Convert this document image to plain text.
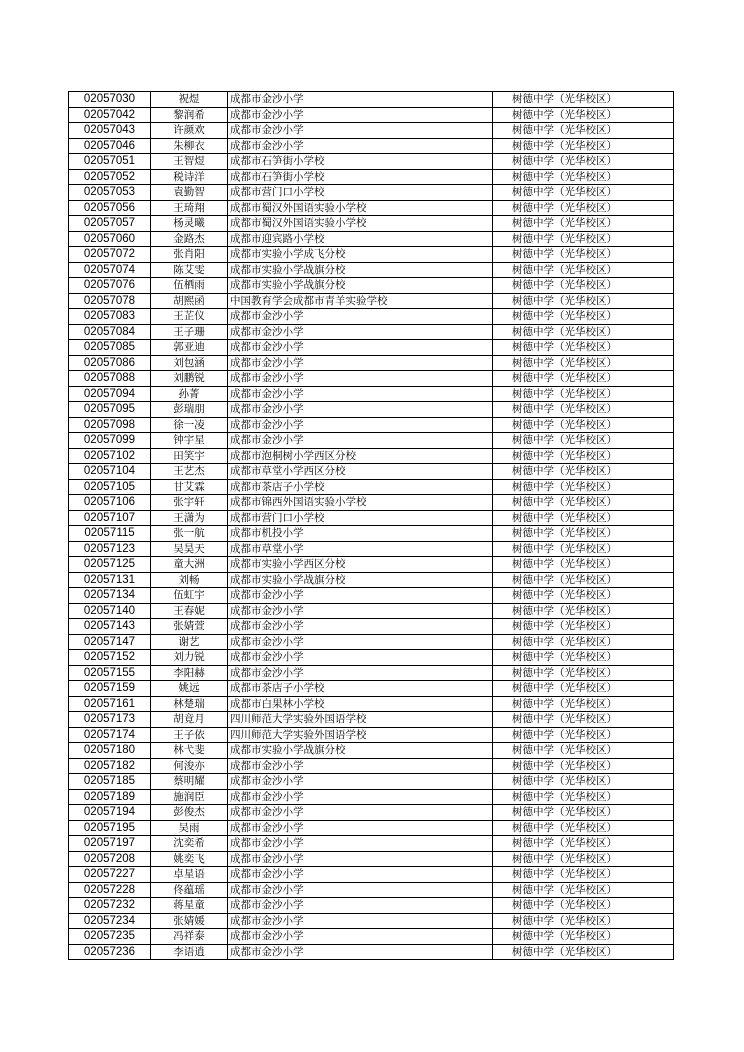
02057030	祝煜	成都市金沙小学	树德中学（光华校区）
02057042	黎润希	成都市金沙小学	树德中学（光华校区）
02057043	许颜欢	成都市金沙小学	树德中学（光华校区）
02057046	朱柳衣	成都市金沙小学	树德中学（光华校区）
02057051	王智煜	成都市石笋街小学校	树德中学（光华校区）
02057052	税诗洋	成都市石笋街小学校	树德中学（光华校区）
02057053	袁勤智	成都市营门口小学校	树德中学（光华校区）
02057056	王琦翔	成都市蜀汉外国语实验小学校	树德中学（光华校区）
02057057	杨灵曦	成都市蜀汉外国语实验小学校	树德中学（光华校区）
02057060	金路杰	成都市迎宾路小学校	树德中学（光华校区）
02057072	张肖阳	成都市实验小学成飞分校	树德中学（光华校区）
02057074	陈艾雯	成都市实验小学战旗分校	树德中学（光华校区）
02057076	伍栖雨	成都市实验小学战旗分校	树德中学（光华校区）
02057078	胡熙函	中国教育学会成都市青羊实验学校	树德中学（光华校区）
02057083	王芷仪	成都市金沙小学	树德中学（光华校区）
02057084	王子珊	成都市金沙小学	树德中学（光华校区）
02057085	郭亚迪	成都市金沙小学	树德中学（光华校区）
02057086	刘包涵	成都市金沙小学	树德中学（光华校区）
02057088	刘鹏锐	成都市金沙小学	树德中学（光华校区）
02057094	孙菁	成都市金沙小学	树德中学（光华校区）
02057095	彭瑞朋	成都市金沙小学	树德中学（光华校区）
02057098	徐一凌	成都市金沙小学	树德中学（光华校区）
02057099	钟宇星	成都市金沙小学	树德中学（光华校区）
02057102	田笑宇	成都市泡桐树小学西区分校	树德中学（光华校区）
02057104	王艺杰	成都市草堂小学西区分校	树德中学（光华校区）
02057105	甘艾霖	成都市茶店子小学校	树德中学（光华校区）
02057106	张宇轩	成都市锦西外国语实验小学校	树德中学（光华校区）
02057107	王潇为	成都市营门口小学校	树德中学（光华校区）
02057115	张一航	成都市机投小学	树德中学（光华校区）
02057123	吴昊天	成都市草堂小学	树德中学（光华校区）
02057125	童大洲	成都市实验小学西区分校	树德中学（光华校区）
02057131	刘畅	成都市实验小学战旗分校	树德中学（光华校区）
02057134	伍虹宇	成都市金沙小学	树德中学（光华校区）
02057140	王春妮	成都市金沙小学	树德中学（光华校区）
02057143	张婧萱	成都市金沙小学	树德中学（光华校区）
02057147	谢艺	成都市金沙小学	树德中学（光华校区）
02057152	刘力锐	成都市金沙小学	树德中学（光华校区）
02057155	李阳赫	成都市金沙小学	树德中学（光华校区）
02057159	姚远	成都市茶店子小学校	树德中学（光华校区）
02057161	林楚瑞	成都市白果林小学校	树德中学（光华校区）
02057173	胡竟月	四川师范大学实验外国语学校	树德中学（光华校区）
02057174	王子依	四川师范大学实验外国语学校	树德中学（光华校区）
02057180	林弋斐	成都市实验小学战旗分校	树德中学（光华校区）
02057182	何浚亦	成都市金沙小学	树德中学（光华校区）
02057185	蔡明耀	成都市金沙小学	树德中学（光华校区）
02057189	施润臣	成都市金沙小学	树德中学（光华校区）
02057194	彭俊杰	成都市金沙小学	树德中学（光华校区）
02057195	吴雨	成都市金沙小学	树德中学（光华校区）
02057197	沈奕希	成都市金沙小学	树德中学（光华校区）
02057208	姚奕飞	成都市金沙小学	树德中学（光华校区）
02057227	卓星语	成都市金沙小学	树德中学（光华校区）
02057228	佟蕴瑶	成都市金沙小学	树德中学（光华校区）
02057232	蒋星童	成都市金沙小学	树德中学（光华校区）
02057234	张婧媛	成都市金沙小学	树德中学（光华校区）
02057235	冯祥泰	成都市金沙小学	树德中学（光华校区）
02057236	李语逍	成都市金沙小学	树德中学（光华校区）
